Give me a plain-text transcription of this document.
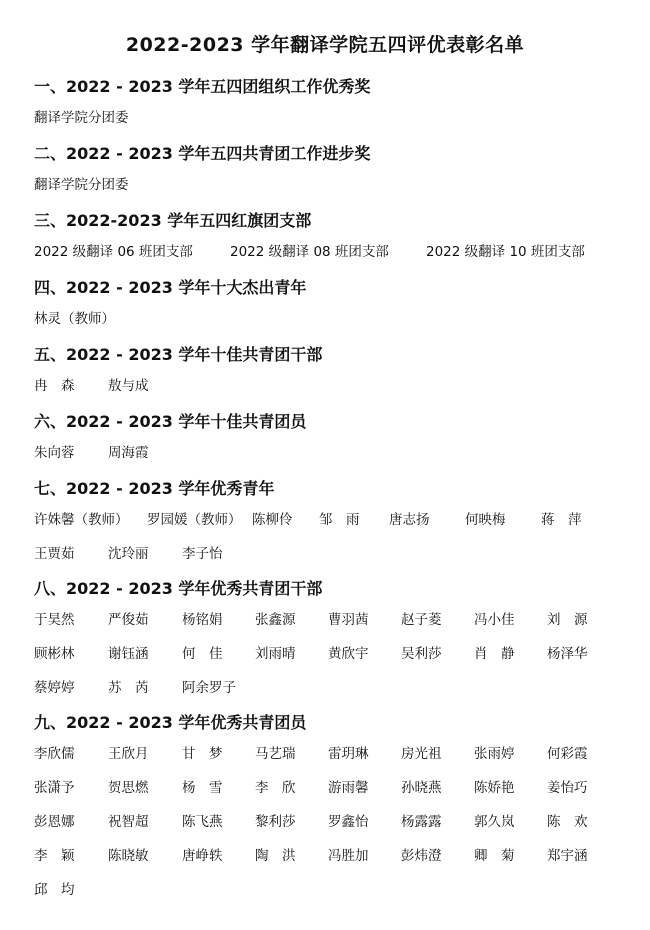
2022-2023 学年翻译学院五四评优表彰名单
一、2022 - 2023 学年五四团组织工作优秀奖
翻译学院分团委
二、2022 - 2023 学年五四共青团工作进步奖
翻译学院分团委
三、2022-2023 学年五四红旗团支部
2022 级翻译 06 班团支部	2022 级翻译 08 班团支部	2022 级翻译 10 班团支部
四、2022 - 2023 学年十大杰出青年
林灵（教师）
五、2022 - 2023 学年十佳共青团干部
冉　森 敖与成
六、2022 - 2023 学年十佳共青团员
朱向蓉 周海霞
七、2022 - 2023 学年优秀青年
许姝馨（教师） 罗园媛（教师） 陈柳伶 邹　雨 唐志扬	何映梅	蒋　萍
王贾茹 沈玲丽 李子怡
八、2022 - 2023 学年优秀共青团干部
于昊然 严俊茹 杨铭娟 张鑫源 曹羽茜 赵子菱 冯小佳 刘　源
顾彬林 谢钰涵 何　佳 刘雨晴 黄欣宇 吴利莎 肖　静 杨泽华
蔡婷婷 苏　芮 阿余罗子
九、2022 - 2023 学年优秀共青团员
李欣儒 王欣月 甘　梦 马艺瑞 雷玥琳 房光祖 张雨婷 何彩霞
张潇予 贺思燃 杨　雪 李　欣 游雨馨 孙晓燕 陈娇艳 姜怡巧
彭恩娜 祝智超 陈飞燕 黎利莎 罗鑫怡 杨露露 郭久岚 陈　欢
李　颖 陈晓敏 唐峥轶 陶　洪 冯胜加 彭炜澄 卿　菊 郑宇涵
邱　均
